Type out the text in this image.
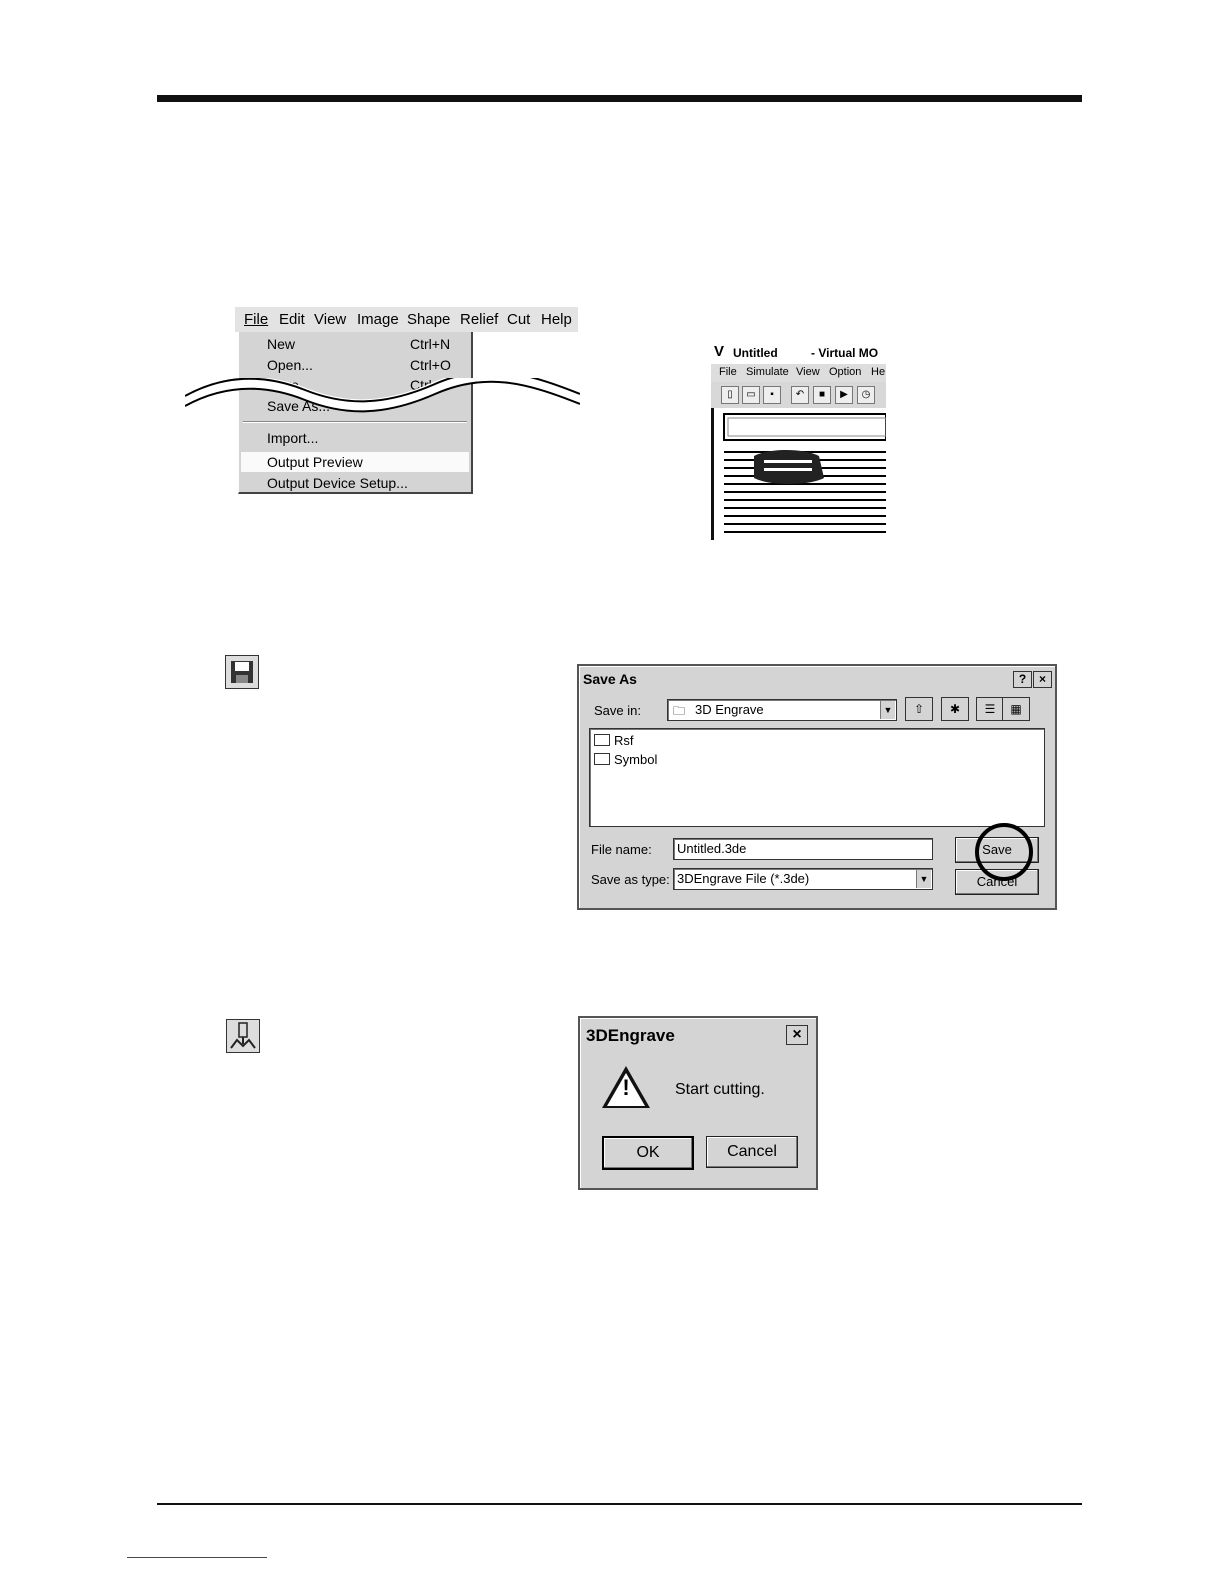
File Edit View Image Shape Relief Cut Help
New	Ctrl+N
Open...	Ctrl+O
Save	Ctrl+S
Save As...
Import...
Output Preview
Output Device Setup...
V Untitled	- Virtual MO
File Simulate View Option He
▯	▭	▪	↶	■	▶	◷
Save As	?	×
Save in:	🗀 3D Engrave	▼	⇧	✱	☰	▦
Rsf
Symbol
File name: Untitled.3de
Save as type: 3DEngrave File (*.3de)	▼
Save
Cancel
3DEngrave	×
!	Start cutting.
OK	Cancel
